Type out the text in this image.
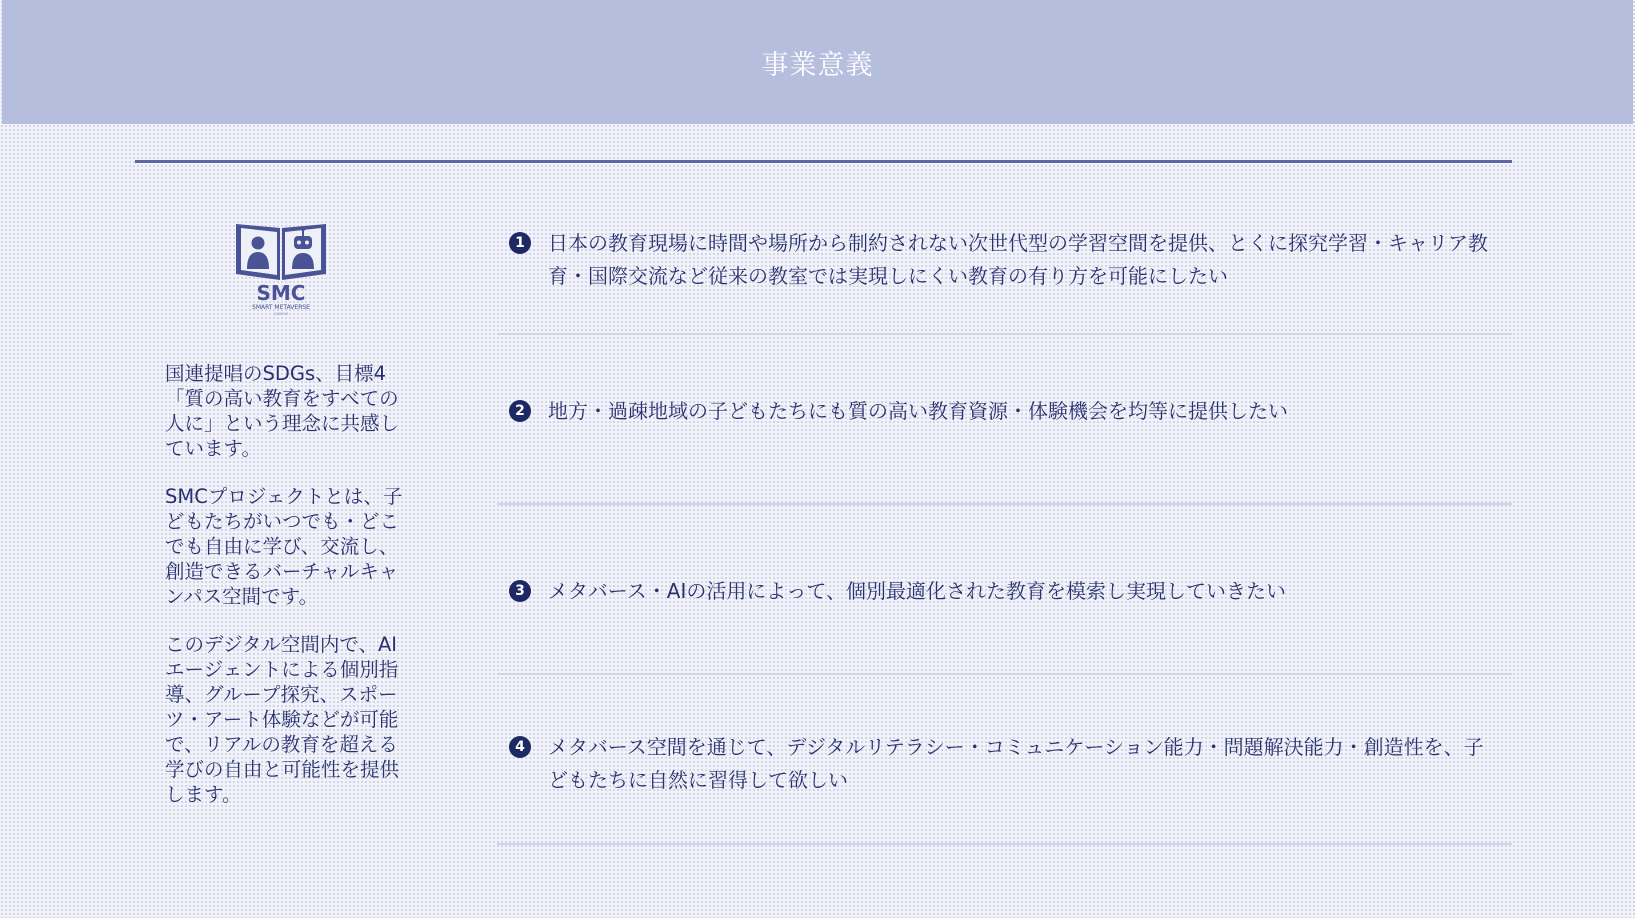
事業意義
SMC
SMART METAVERSE
CAMPUS

国連提唱のSDGs、目標4「質の高い教育をすべての人に」という理念に共感しています。

SMCプロジェクトとは、子どもたちがいつでも・どこでも自由に学び、交流し、創造できるバーチャルキャンパス空間です。

このデジタル空間内で、AIエージェントによる個別指導、グループ探究、スポーツ・アート体験などが可能で、リアルの教育を超える学びの自由と可能性を提供します。

1	日本の教育現場に時間や場所から制約されない次世代型の学習空間を提供、とくに探究学習・キャリア教育・国際交流など従来の教室では実現しにくい教育の有り方を可能にしたい
2	地方・過疎地域の子どもたちにも質の高い教育資源・体験機会を均等に提供したい
3	メタバース・AIの活用によって、個別最適化された教育を模索し実現していきたい
4	メタバース空間を通じて、デジタルリテラシー・コミュニケーション能力・問題解決能力・創造性を、子どもたちに自然に習得して欲しい
